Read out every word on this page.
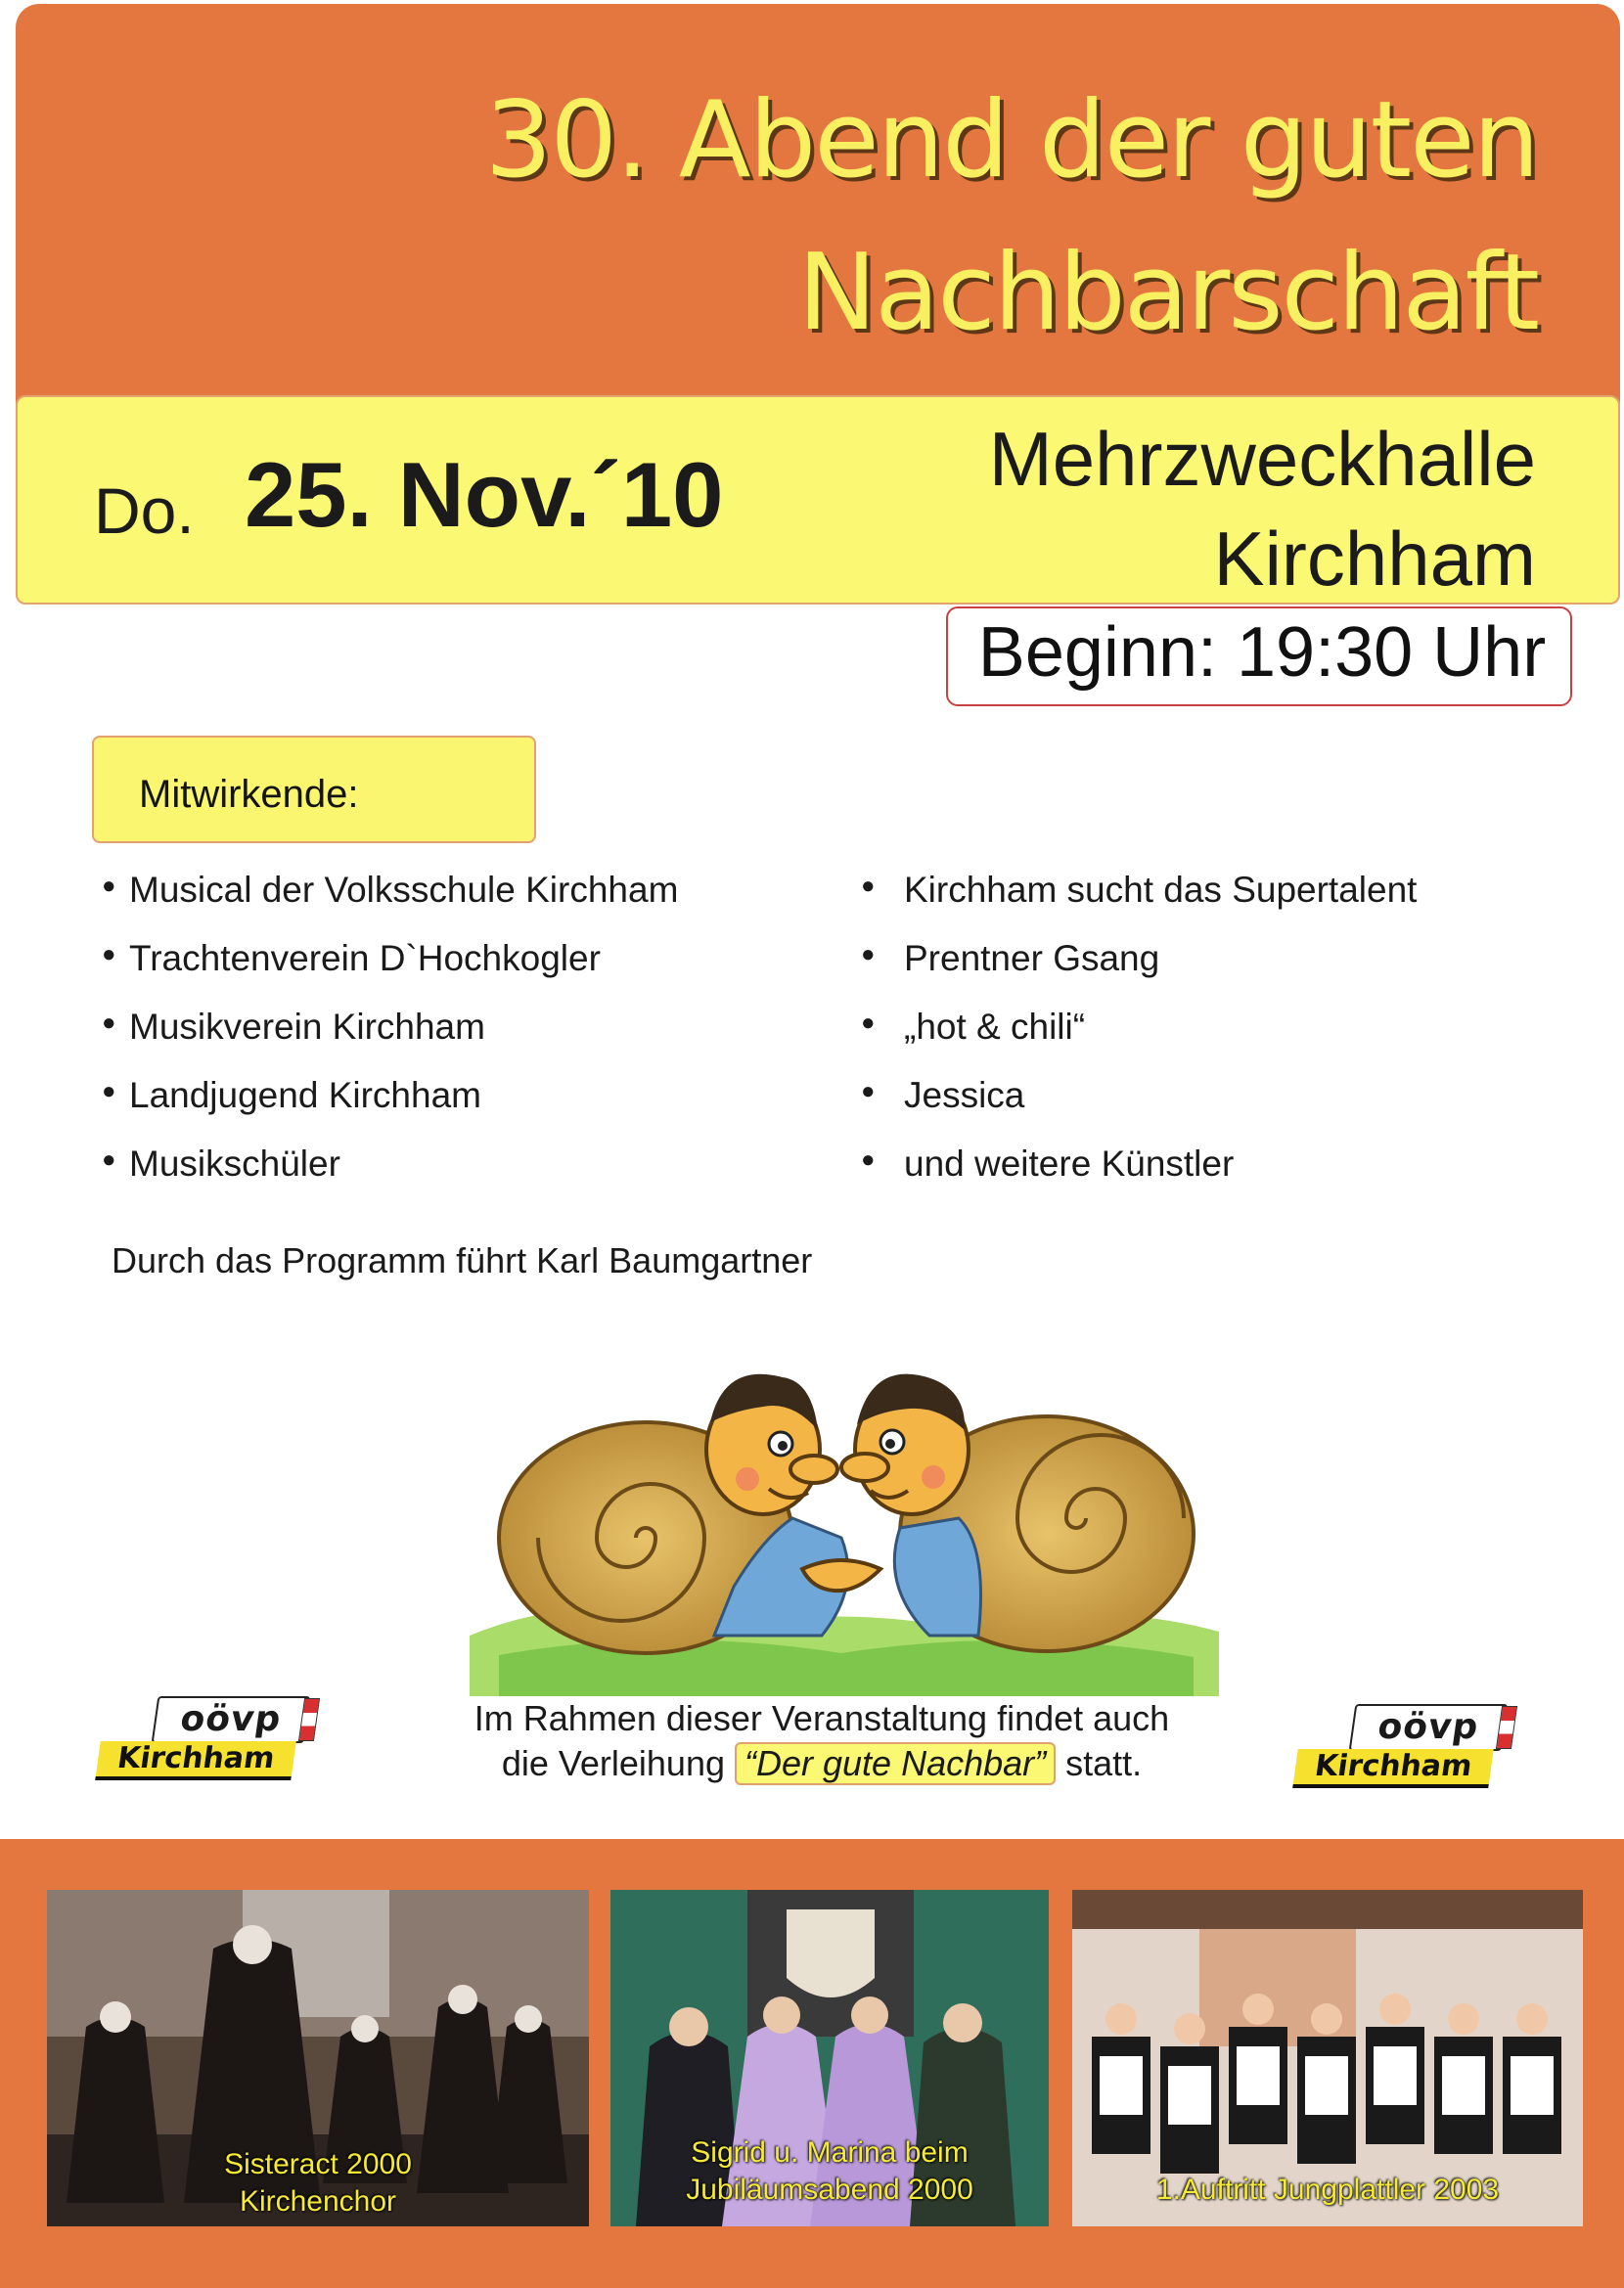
30. Abend der guten
Nachbarschaft
Do. 25. Nov.´10	Mehrzweckhalle
Kirchham
Beginn: 19:30 Uhr
Mitwirkende:
● Musical der Volksschule Kirchham
● Trachtenverein D`Hochkogler
● Musikverein Kirchham
● Landjugend Kirchham
● Musikschüler
● Kirchham sucht das Supertalent
● Prentner Gsang
● „hot & chili“
● Jessica
● und weitere Künstler
Durch das Programm führt Karl Baumgartner
oövp
Kirchham
Im Rahmen dieser Veranstaltung findet auch
die Verleihung “Der gute Nachbar” statt.
oövp
Kirchham
Sisteract 2000
Kirchenchor
Sigrid u. Marina beim
Jubiläumsabend 2000	1.Auftritt Jungplattler 2003
